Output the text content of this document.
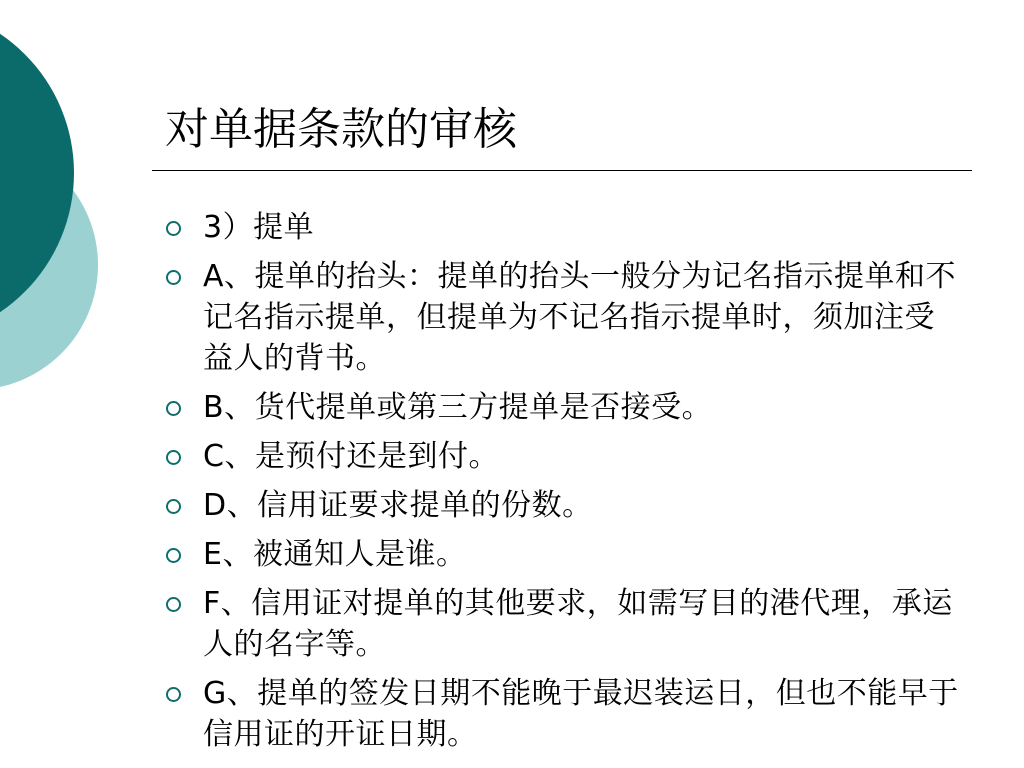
对单据条款的审核
3）提单
A、提单的抬头：提单的抬头一般分为记名指示提单和不记名指示提单，但提单为不记名指示提单时，须加注受益人的背书。
B、货代提单或第三方提单是否接受。
C、是预付还是到付。
D、信用证要求提单的份数。
E、被通知人是谁。
F、信用证对提单的其他要求，如需写目的港代理，承运人的名字等。
G、提单的签发日期不能晚于最迟装运日，但也不能早于信用证的开证日期。
